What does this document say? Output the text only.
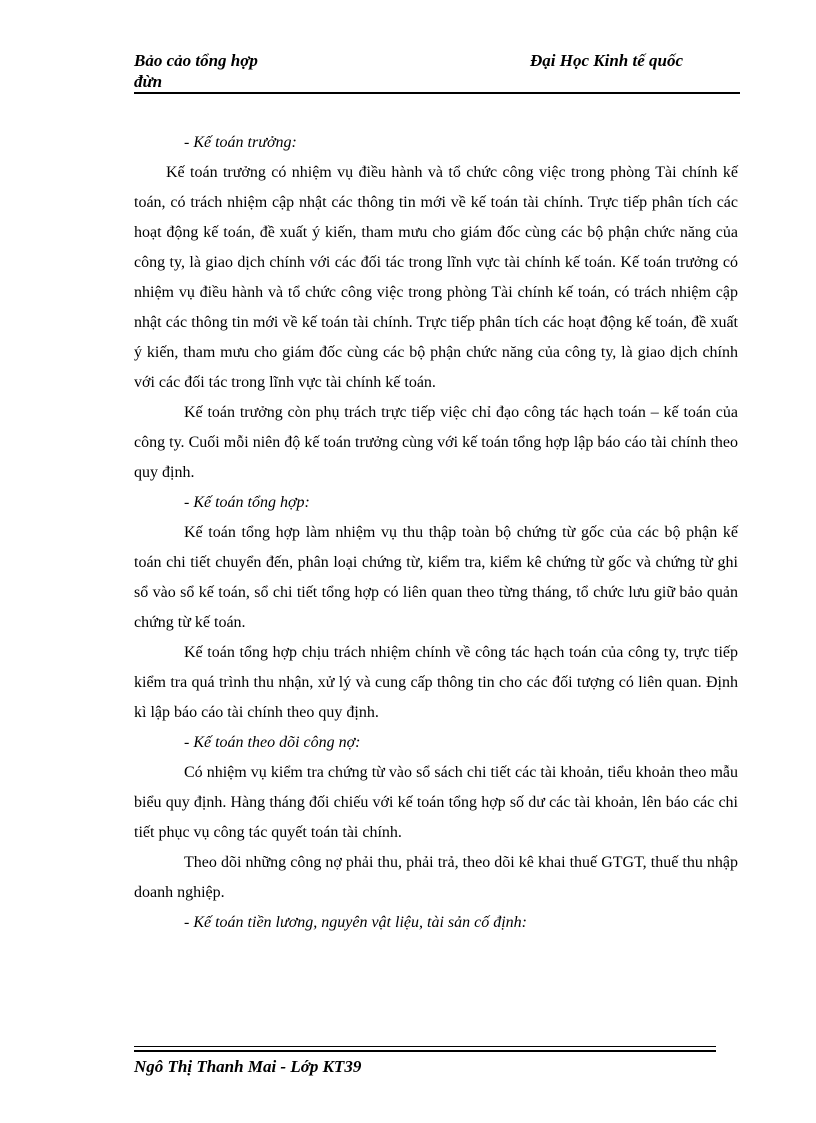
Bảo cảo tổng hợp
đừn
Đại Học Kinh tế quốc

- Kế toán trưởng:

Kế toán trưởng có nhiệm vụ điều hành và tổ chức công việc trong phòng Tài chính kế toán, có trách nhiệm cập nhật các thông tin mới về kế toán tài chính. Trực tiếp phân tích các hoạt động kế toán, đề xuất ý kiến, tham mưu cho giám đốc cùng các bộ phận chức năng của công ty, là giao dịch chính với các đối tác trong lĩnh vực tài chính kế toán. Kế toán trưởng có nhiệm vụ điều hành và tổ chức công việc trong phòng Tài chính kế toán, có trách nhiệm cập nhật các thông tin mới về kế toán tài chính. Trực tiếp phân tích các hoạt động kế toán, đề xuất ý kiến, tham mưu cho giám đốc cùng các bộ phận chức năng của công ty, là giao dịch chính với các đối tác trong lĩnh vực tài chính kế toán.

Kế toán trưởng còn phụ trách trực tiếp việc chỉ đạo công tác hạch toán – kế toán của công ty. Cuối mỗi niên độ kế toán trưởng cùng với kế toán tổng hợp lập báo cáo tài chính theo quy định.

- Kế toán tổng hợp:

Kế toán tổng hợp làm nhiệm vụ thu thập toàn bộ chứng từ gốc của các bộ phận kế toán chi tiết chuyển đến, phân loại chứng từ, kiểm tra, kiểm kê chứng từ gốc và chứng từ ghi sổ vào sổ kế toán, sổ chi tiết tổng hợp có liên quan theo từng tháng, tổ chức lưu giữ bảo quản chứng từ kế toán.

Kế toán tổng hợp chịu trách nhiệm chính về công tác hạch toán của công ty, trực tiếp kiểm tra quá trình thu nhận, xử lý và cung cấp thông tin cho các đối tượng có liên quan. Định kì lập báo cáo tài chính theo quy định.

- Kế toán theo dõi công nợ:

Có nhiệm vụ kiểm tra chứng từ vào sổ sách chi tiết các tài khoản, tiểu khoản theo mẫu biểu quy định. Hàng tháng đối chiếu với kế toán tổng hợp số dư các tài khoản, lên báo các chi tiết phục vụ công tác quyết toán tài chính.

Theo dõi những công nợ phải thu, phải trả, theo dõi kê khai thuế GTGT, thuế thu nhập doanh nghiệp.

- Kế toán tiền lương, nguyên vật liệu, tài sản cố định:

Ngô Thị Thanh Mai - Lớp KT39
